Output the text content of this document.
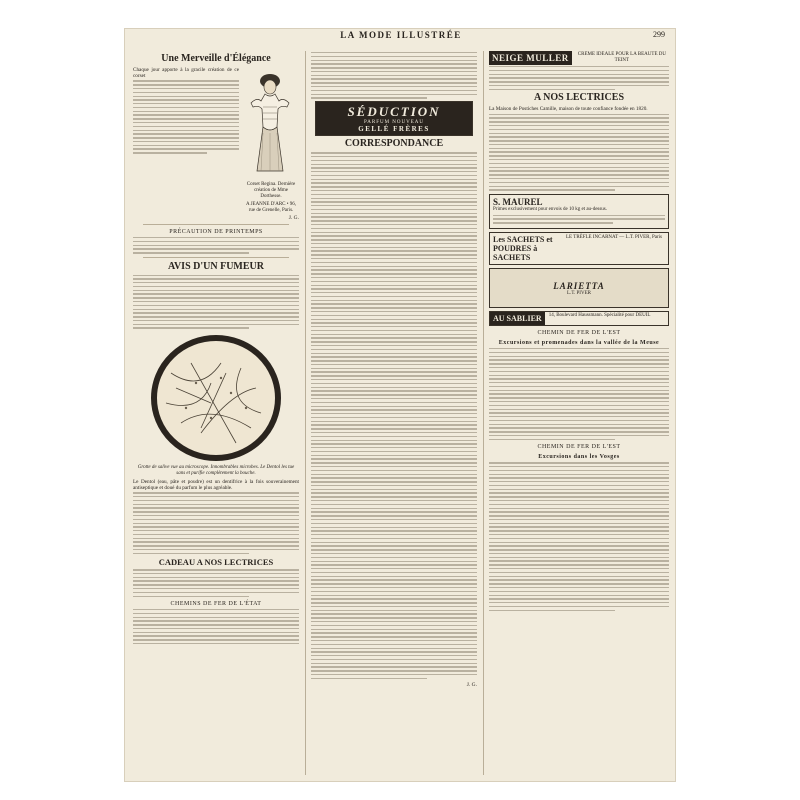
LA MODE ILLUSTRÉE	299
Une Merveille d'Élégance
Chaque jour apporte à la gracile création de ce corset
Corset Regina. Dernière création de Mme Dorthesse.
A JEANNE D'ARC • 96, rue de Grenelle, Paris.
J. G.
PRÉCAUTION DE PRINTEMPS
AVIS D'UN FUMEUR
Grotte de salive vue au microscope. Innombrables microbes. Le Dentol les tue sans et purifie complètement la bouche.
Le Dentol (eau, pâte et poudre) est un dentifrice à la fois souverainement antiseptique et doué du parfum le plus agréable.
CADEAU A NOS LECTRICES
CHEMINS DE FER DE L'ÉTAT
SÉDUCTION
PARFUM NOUVEAU
GELLÉ FRÈRES
CORRESPONDANCE
J. G.
NEIGE MULLER	CRÈME IDÉALE POUR LA BEAUTÉ DU TEINT
A NOS LECTRICES
La Maison de Postiches Camille, maison de toute confiance fondée en 1820.
S. MAUREL
Primes exclusivement pour envois de 10 kg et au-dessus.
Les SACHETS et POUDRES à SACHETS
LE TRÈFLE INCARNAT — L.T. PIVER, Paris
LARIETTA
L.T. PIVER
AU SABLIER	14, Boulevard Haussmann. Spécialité pour DEUIL
CHEMIN DE FER DE L'EST
Excursions et promenades dans la vallée de la Meuse
CHEMIN DE FER DE L'EST
Excursions dans les Vosges
